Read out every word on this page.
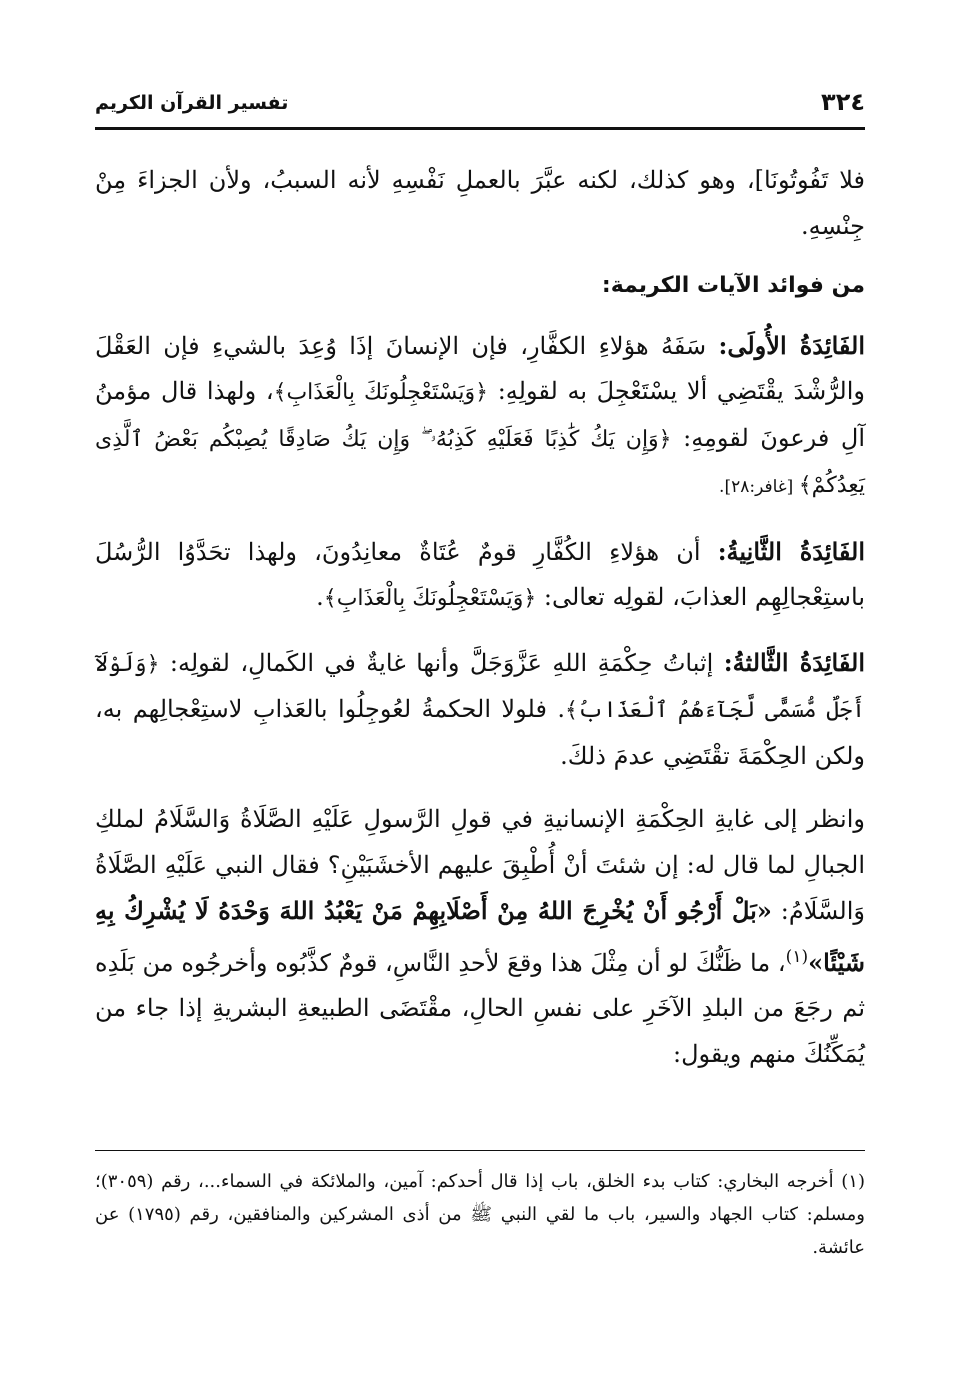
تفسير القرآن الكريم	٣٢٤

فلا تَفُوتُونَا]، وهو كذلك، لكنه عبَّرَ بالعملِ نَفْسِهِ لأنه السببُ، ولأن الجزاءَ مِنْ جِنْسِهِ.

من فوائد الآيات الكريمة:

الفَائِدَةُ الأُولَى: سَفَهُ هؤلاءِ الكفَّارِ، فإن الإنسانَ إذَا وُعِدَ بالشيءِ فإن العَقْلَ والرُّشْدَ يقْتَضِي ألا يسْتَعْجِلَ به لقولِهِ: ﴿وَيَسْتَعْجِلُونَكَ بِالْعَذَابِ﴾، ولهذا قال مؤمنُ آلِ فرعونَ لقومِهِ: ﴿وَإِن يَكُ كَٰذِبًا فَعَلَيْهِ كَذِبُهُۥ ۖ وَإِن يَكُ صَادِقًا يُصِبْكُم بَعْضُ ٱلَّذِى يَعِدُكُمْ﴾ [غافر:٢٨].

الفَائِدَةُ الثَّانِيةُ: أن هؤلاءِ الكُفَّارِ قومٌ عُتَاةٌ معانِدُونَ، ولهذا تحَدَّوُا الرُّسُلَ باستِعْجالِهِم العذابَ، لقولِه تعالى: ﴿وَيَسْتَعْجِلُونَكَ بِالْعَذَابِ﴾.

الفَائِدَةُ الثَّالثةُ: إثباتُ حِكْمَةِ اللهِ عَزَّوَجَلَّ وأنها غايةٌ في الكَمالِ، لقولِه: ﴿وَلَوْلَآ أَجَلٌ مُّسَمًّى لَّجَآءَهُمُ ٱلْعَذَابُ﴾. فلولا الحكمةُ لعُوجِلُوا بالعَذابِ لاستِعْجالِهم به، ولكن الحِكْمَةَ تقْتَضِي عدمَ ذلكَ.

وانظر إلى غايةِ الحِكْمَةِ الإنسانيةِ في قولِ الرَّسولِ عَلَيْهِ الصَّلَاةُ وَالسَّلَامُ لملكِ الجبالِ لما قال له: إن شئتَ أنْ أُطْبِقَ عليهم الأخشَبَيْنِ؟ فقال النبي عَلَيْهِ الصَّلَاةُ وَالسَّلَامُ: «بَلْ أَرْجُو أَنْ يُخْرِجَ اللهُ مِنْ أَصْلَابِهِمْ مَنْ يَعْبُدُ اللهَ وَحْدَهُ لَا يُشْرِكُ بِهِ شَيْئًا»$^{(١)}$، ما ظَنُّكَ لو أن مِثْلَ هذا وقعَ لأحدِ النَّاسِ، قومٌ كذَّبُوه وأخرجُوه من بَلَدِه ثم رجَعَ من البلدِ الآخَرِ على نفسِ الحالِ، مقْتَضَى الطبيعةِ البشريةِ إذا جاء من يُمَكِّنُكَ منهم ويقول:

(١) أخرجه البخاري: كتاب بدء الخلق، باب إذا قال أحدكم: آمين، والملائكة في السماء...، رقم (٣٠٥٩)؛ ومسلم: كتاب الجهاد والسير، باب ما لقي النبي ﷺ من أذى المشركين والمنافقين، رقم (١٧٩٥) عن عائشة.
